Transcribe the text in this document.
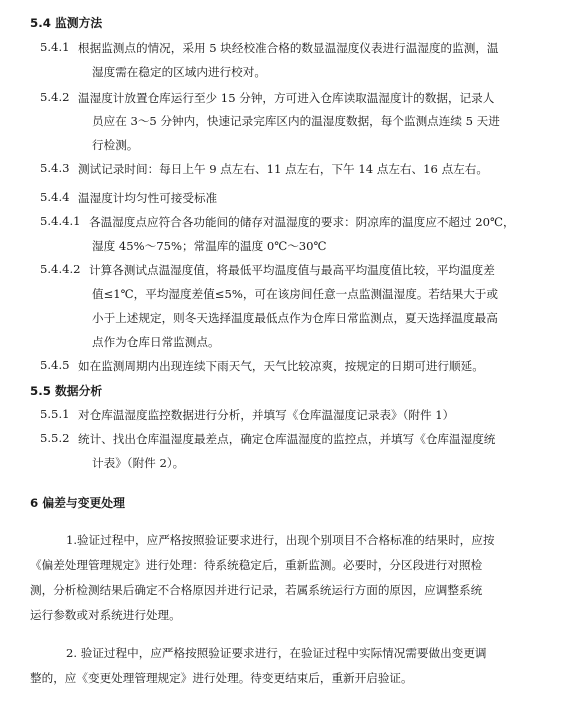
5.4 监测方法
5.4.1 根据监测点的情况，采用 5 块经校准合格的数显温湿度仪表进行温湿度的监测，温
湿度需在稳定的区域内进行校对。
5.4.2 温湿度计放置仓库运行至少 15 分钟，方可进入仓库读取温湿度计的数据，记录人
员应在 3～5 分钟内，快速记录完库区内的温湿度数据，每个监测点连续 5 天进
行检测。
5.4.3 测试记录时间：每日上午 9 点左右、11 点左右，下午 14 点左右、16 点左右。
5.4.4 温湿度计均匀性可接受标准
5.4.4.1 各温湿度点应符合各功能间的储存对温湿度的要求：阴凉库的温度应不超过 20℃，
湿度 45%～75%；常温库的温度 0℃～30℃
5.4.4.2 计算各测试点温湿度值，将最低平均温度值与最高平均温度值比较，平均温度差
值≤1℃，平均湿度差值≤5%，可在该房间任意一点监测温湿度。若结果大于或
小于上述规定，则冬天选择温度最低点作为仓库日常监测点，夏天选择温度最高
点作为仓库日常监测点。
5.4.5 如在监测周期内出现连续下雨天气，天气比较凉爽，按规定的日期可进行顺延。
5.5 数据分析
5.5.1 对仓库温湿度监控数据进行分析，并填写《仓库温湿度记录表》（附件 1）
5.5.2 统计、找出仓库温湿度最差点，确定仓库温湿度的监控点，并填写《仓库温湿度统
计表》（附件 2）。
6 偏差与变更处理
1.验证过程中，应严格按照验证要求进行，出现个别项目不合格标准的结果时，应按
《偏差处理管理规定》进行处理：待系统稳定后，重新监测。必要时，分区段进行对照检
测，分析检测结果后确定不合格原因并进行记录，若属系统运行方面的原因，应调整系统
运行参数或对系统进行处理。
2. 验证过程中，应严格按照验证要求进行，在验证过程中实际情况需要做出变更调
整的，应《变更处理管理规定》进行处理。待变更结束后，重新开启验证。
